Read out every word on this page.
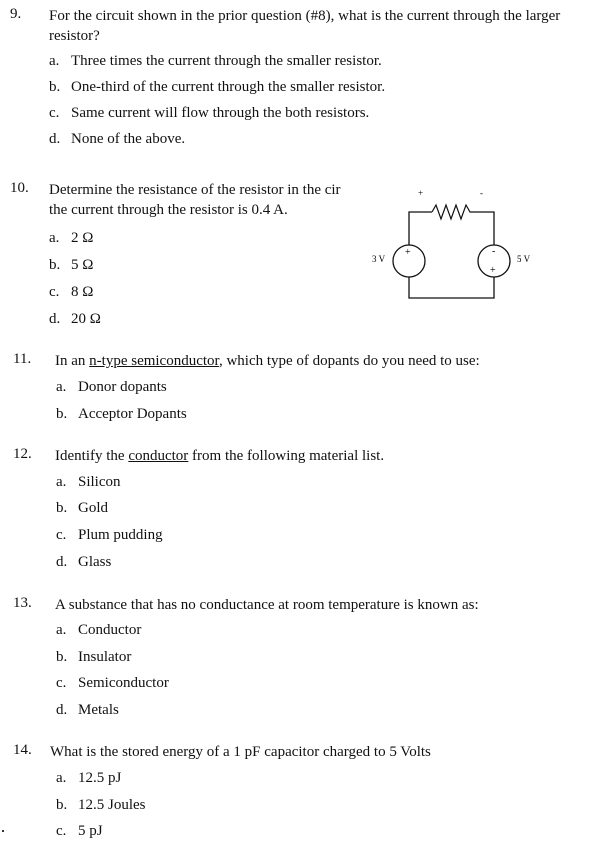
9. For the circuit shown in the prior question (#8), what is the current through the larger resistor?
a. Three times the current through the smaller resistor.
b. One-third of the current through the smaller resistor.
c. Same current will flow through the both resistors.
d. None of the above.
10. Determine the resistance of the resistor in the cir
the current through the resistor is 0.4 A.
a. 2 Ω
b. 5 Ω
c. 8 Ω
d. 20 Ω
+	-
+
3 V
-
+
5 V
11. In an n-type semiconductor, which type of dopants do you need to use:
a. Donor dopants
b. Acceptor Dopants
12. Identify the conductor from the following material list.
a. Silicon
b. Gold
c. Plum pudding
d. Glass
13. A substance that has no conductance at room temperature is known as:
a. Conductor
b. Insulator
c. Semiconductor
d. Metals
14. What is the stored energy of a 1 pF capacitor charged to 5 Volts
a. 12.5 pJ
b. 12.5 Joules
c. 5 pJ
